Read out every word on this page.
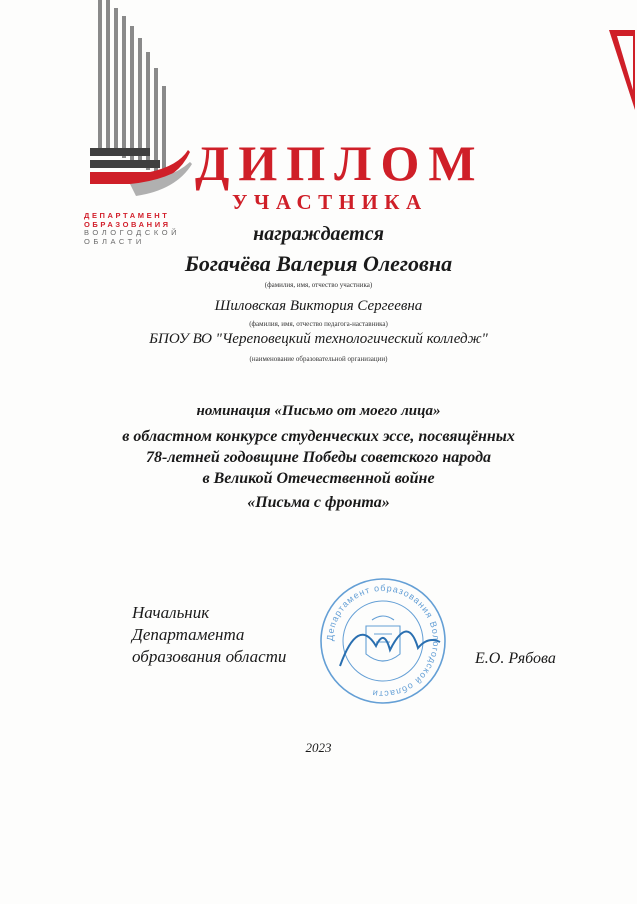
ДЕПАРТАМЕНТ
ОБРАЗОВАНИЯ
ВОЛОГОДСКОЙ
ОБЛАСТИ
ДИПЛОМ
УЧАСТНИКА
награждается
Богачёва Валерия Олеговна
(фамилия, имя, отчество участника)
Шиловская Виктория Сергеевна
(фамилия, имя, отчество педагога-наставника)
БПОУ ВО "Череповецкий технологический колледж"
(наименование образовательной организации)
номинация «Письмо от моего лица»
в областном конкурсе студенческих эссе, посвящённых
78-летней годовщине Победы советского народа
в Великой Отечественной войне
«Письма с фронта»
Начальник
Департамента
образования области
Департамент образования Вологодской области
Е.О. Рябова
2023
